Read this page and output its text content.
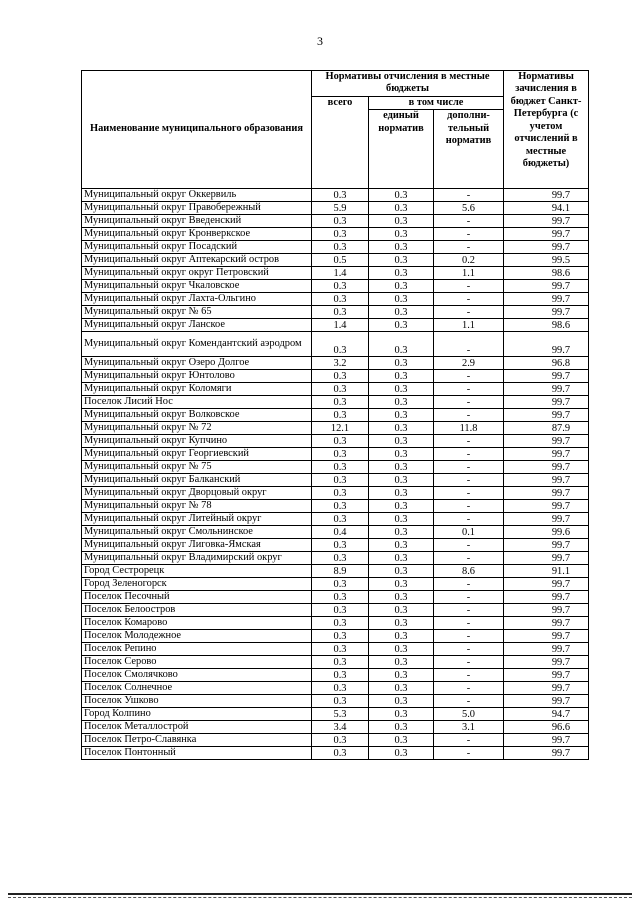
3
Наименование муниципального образования	Нормативы отчисления в местные бюджеты			Нормативы зачисления в бюджет Санкт-Петербурга (с учетом отчислений в местные бюджеты)
	всего	в том числе		
		единый норматив	дополни-тельный норматив	
Муниципальный округ Оккервиль	0.3	0.3	-	99.7
Муниципальный округ Правобережный	5.9	0.3	5.6	94.1
Муниципальный округ Введенский	0.3	0.3	-	99.7
Муниципальный округ Кронверкское	0.3	0.3	-	99.7
Муниципальный округ Посадский	0.3	0.3	-	99.7
Муниципальный округ Аптекарский остров	0.5	0.3	0.2	99.5
Муниципальный округ округ Петровский	1.4	0.3	1.1	98.6
Муниципальный округ Чкаловское	0.3	0.3	-	99.7
Муниципальный округ Лахта-Ольгино	0.3	0.3	-	99.7
Муниципальный округ № 65	0.3	0.3	-	99.7
Муниципальный округ Ланское	1.4	0.3	1.1	98.6
Муниципальный округ Комендантский аэродром	0.3	0.3	-	99.7
Муниципальный округ Озеро Долгое	3.2	0.3	2.9	96.8
Муниципальный округ Юнтолово	0.3	0.3	-	99.7
Муниципальный округ Коломяги	0.3	0.3	-	99.7
Поселок Лисий Нос	0.3	0.3	-	99.7
Муниципальный округ Волковское	0.3	0.3	-	99.7
Муниципальный округ № 72	12.1	0.3	11.8	87.9
Муниципальный округ Купчино	0.3	0.3	-	99.7
Муниципальный округ Георгиевский	0.3	0.3	-	99.7
Муниципальный округ № 75	0.3	0.3	-	99.7
Муниципальный округ Балканский	0.3	0.3	-	99.7
Муниципальный округ Дворцовый округ	0.3	0.3	-	99.7
Муниципальный округ № 78	0.3	0.3	-	99.7
Муниципальный округ Литейный округ	0.3	0.3	-	99.7
Муниципальный округ Смольнинское	0.4	0.3	0.1	99.6
Муниципальный округ Лиговка-Ямская	0.3	0.3	-	99.7
Муниципальный округ Владимирский округ	0.3	0.3	-	99.7
Город Сестрорецк	8.9	0.3	8.6	91.1
Город Зеленогорск	0.3	0.3	-	99.7
Поселок Песочный	0.3	0.3	-	99.7
Поселок Белоостров	0.3	0.3	-	99.7
Поселок Комарово	0.3	0.3	-	99.7
Поселок Молодежное	0.3	0.3	-	99.7
Поселок Репино	0.3	0.3	-	99.7
Поселок Серово	0.3	0.3	-	99.7
Поселок Смолячково	0.3	0.3	-	99.7
Поселок Солнечное	0.3	0.3	-	99.7
Поселок Ушково	0.3	0.3	-	99.7
Город Колпино	5.3	0.3	5.0	94.7
Поселок Металлострой	3.4	0.3	3.1	96.6
Поселок Петро-Славянка	0.3	0.3	-	99.7
Поселок Понтонный	0.3	0.3	-	99.7
